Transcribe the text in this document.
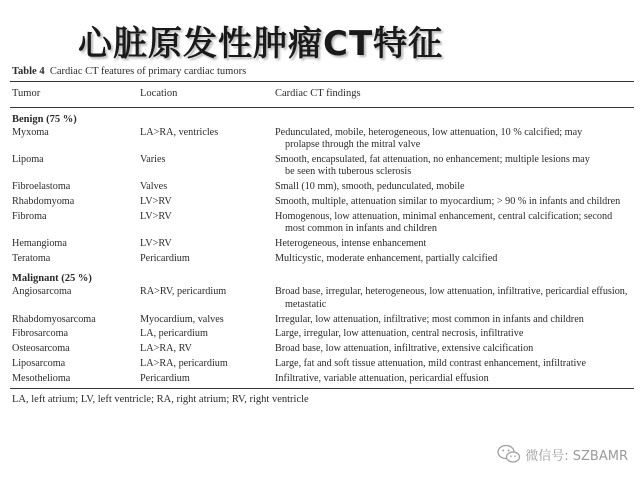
心脏原发性肿瘤CT特征
Table 4 Cardiac CT features of primary cardiac tumors
Tumor	Location	Cardiac CT findings
Benign (75 %)
Myxoma	LA>RA, ventricles	Pedunculated, mobile, heterogeneous, low attenuation, 10 % calcified; may

prolapse through the mitral valve
Lipoma	Varies	Smooth, encapsulated, fat attenuation, no enhancement; multiple lesions may

be seen with tuberous sclerosis
Fibroelastoma	Valves	Small (10 mm), smooth, pedunculated, mobile
Rhabdomyoma	LV>RV	Smooth, multiple, attenuation similar to myocardium; > 90 % in infants and children
Fibroma	LV>RV	Homogenous, low attenuation, minimal enhancement, central calcification; second

most common in infants and children
Hemangioma	LV>RV	Heterogeneous, intense enhancement
Teratoma	Pericardium	Multicystic, moderate enhancement, partially calcified
Malignant (25 %)
Angiosarcoma	RA>RV, pericardium	Broad base, irregular, heterogeneous, low attenuation, infiltrative, pericardial effusion,

metastatic
Rhabdomyosarcoma	Myocardium, valves	Irregular, low attenuation, infiltrative; most common in infants and children
Fibrosarcoma	LA, pericardium	Large, irregular, low attenuation, central necrosis, infiltrative
Osteosarcoma	LA>RA, RV	Broad base, low attenuation, infiltrative, extensive calcification
Liposarcoma	LA>RA, pericardium	Large, fat and soft tissue attenuation, mild contrast enhancement, infiltrative
Mesothelioma	Pericardium	Infiltrative, variable attenuation, pericardial effusion
LA, left atrium; LV, left ventricle; RA, right atrium; RV, right ventricle
微信号: SZBAMR
